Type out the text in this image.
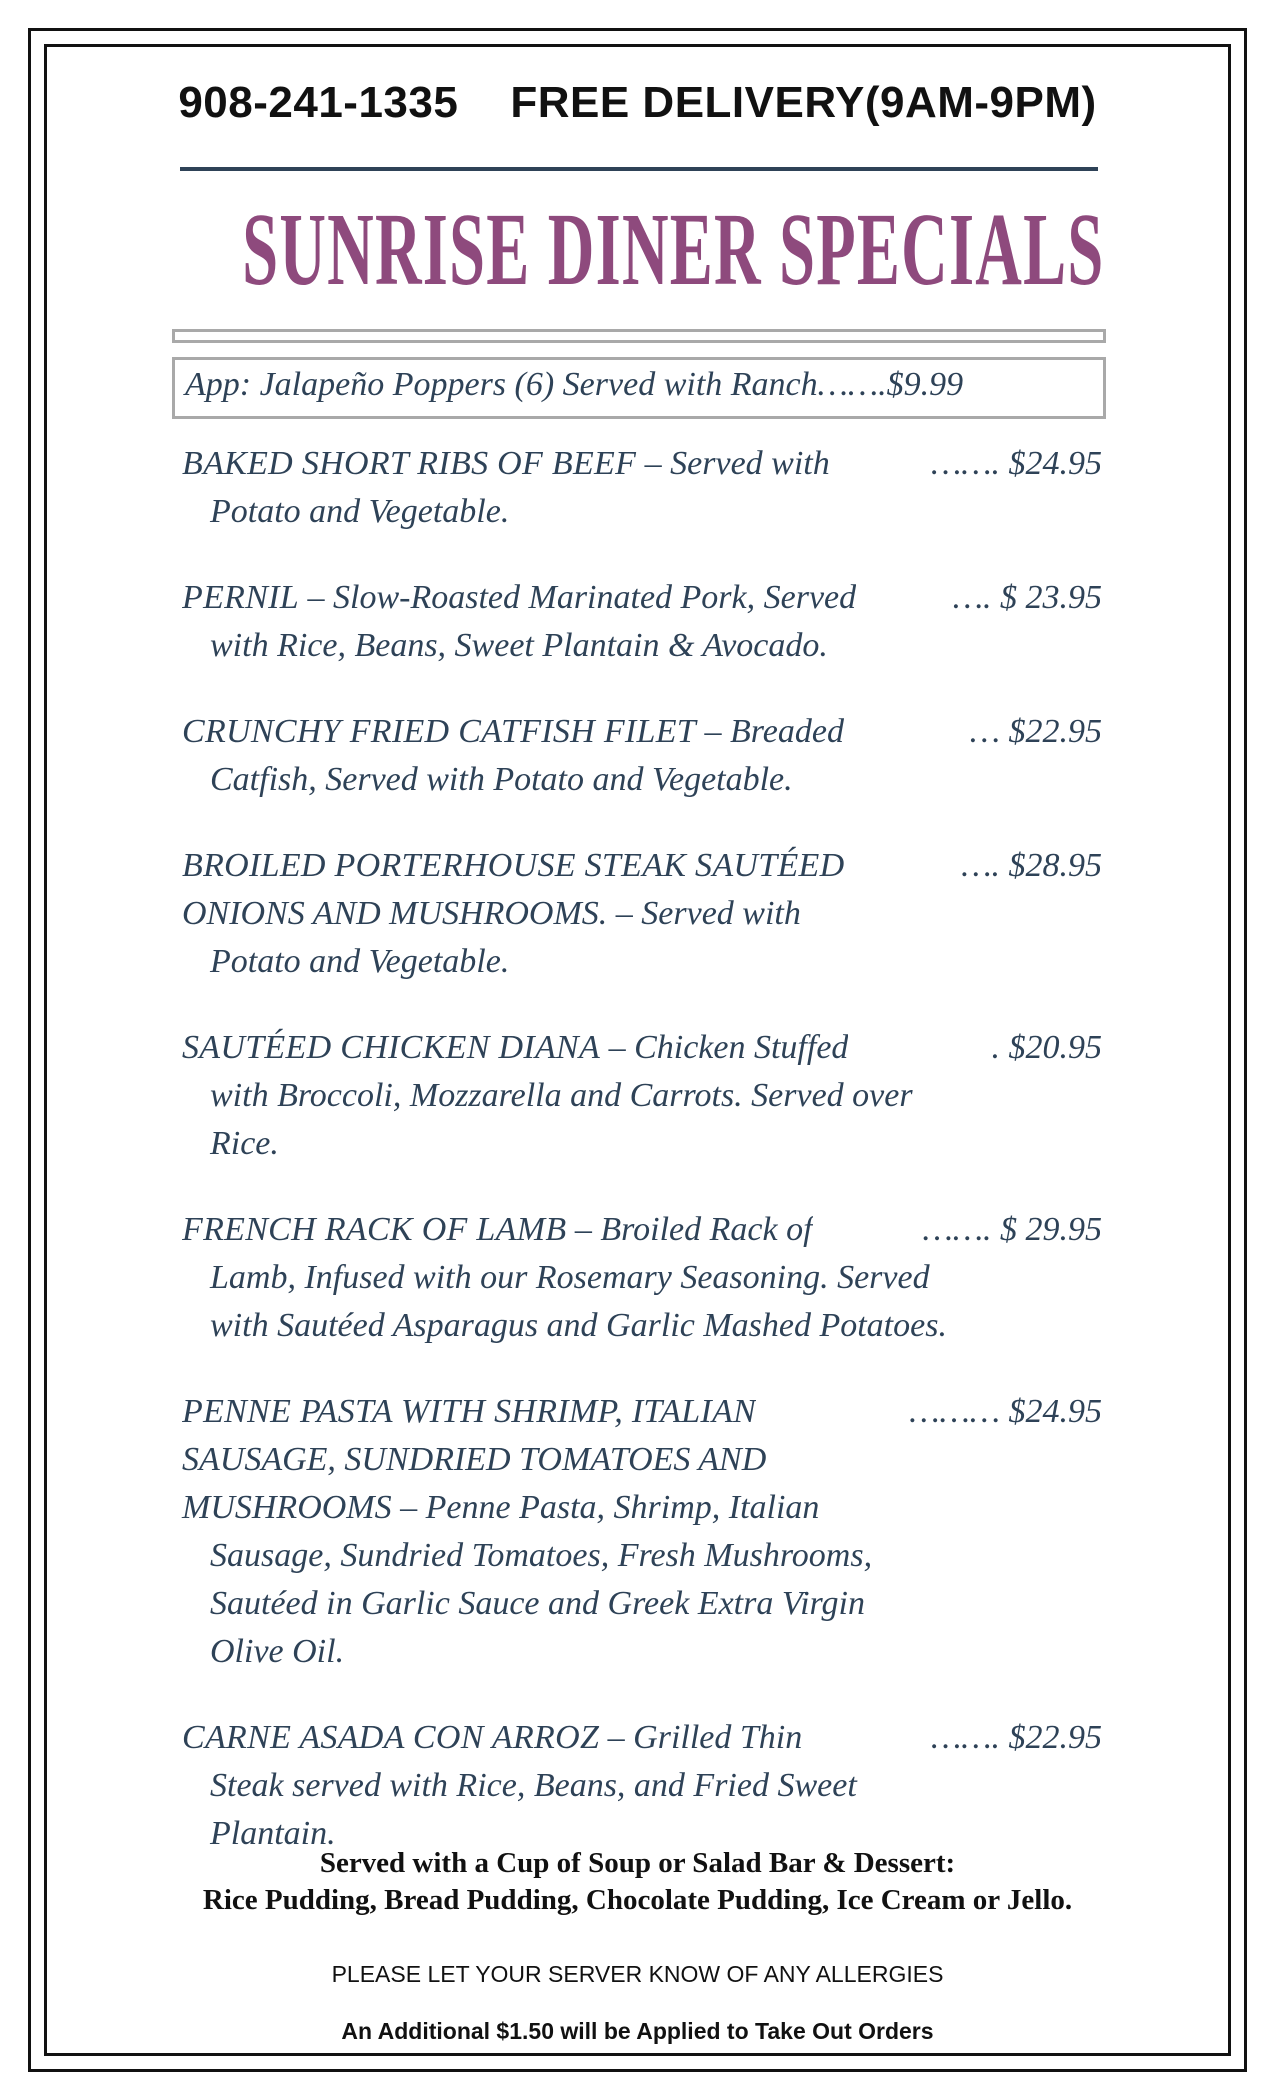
908-241-1335 FREE DELIVERY(9AM-9PM)
SUNRISE DINER SPECIALS
App: Jalapeño Poppers (6) Served with Ranch…….$9.99
BAKED SHORT RIBS OF BEEF – Served with	……. $24.95
Potato and Vegetable.
PERNIL – Slow-Roasted Marinated Pork, Served	…. $ 23.95
with Rice, Beans, Sweet Plantain & Avocado.
CRUNCHY FRIED CATFISH FILET – Breaded	… $22.95
Catfish, Served with Potato and Vegetable.
BROILED PORTERHOUSE STEAK SAUTÉED	…. $28.95
ONIONS AND MUSHROOMS. – Served with
Potato and Vegetable.
SAUTÉED CHICKEN DIANA – Chicken Stuffed	. $20.95
with Broccoli, Mozzarella and Carrots. Served over
Rice.
FRENCH RACK OF LAMB – Broiled Rack of	……. $ 29.95
Lamb, Infused with our Rosemary Seasoning. Served
with Sautéed Asparagus and Garlic Mashed Potatoes.
PENNE PASTA WITH SHRIMP, ITALIAN	……… $24.95
SAUSAGE, SUNDRIED TOMATOES AND
MUSHROOMS – Penne Pasta, Shrimp, Italian
Sausage, Sundried Tomatoes, Fresh Mushrooms,
Sautéed in Garlic Sauce and Greek Extra Virgin
Olive Oil.
CARNE ASADA CON ARROZ – Grilled Thin	……. $22.95
Steak served with Rice, Beans, and Fried Sweet
Plantain.
Served with a Cup of Soup or Salad Bar & Dessert:
Rice Pudding, Bread Pudding, Chocolate Pudding, Ice Cream or Jello.
PLEASE LET YOUR SERVER KNOW OF ANY ALLERGIES
An Additional $1.50 will be Applied to Take Out Orders
